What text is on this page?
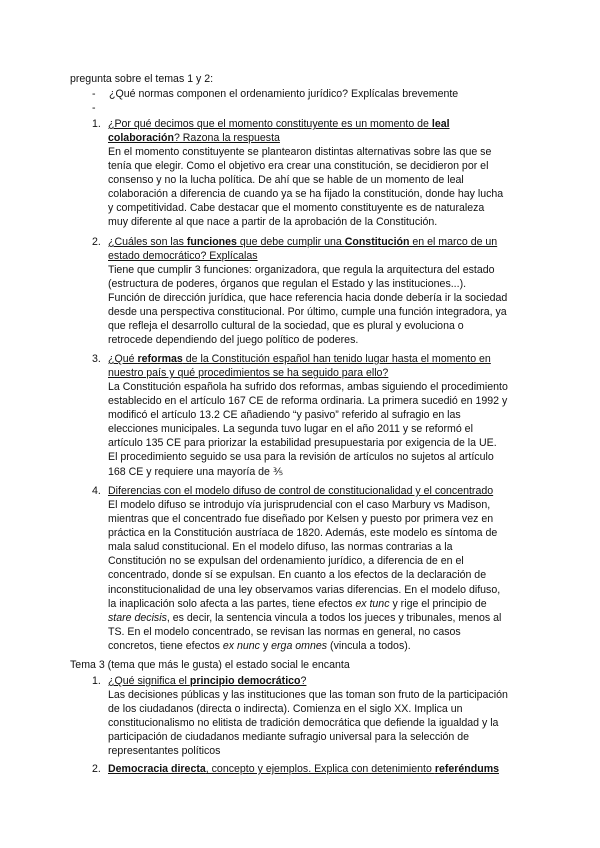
pregunta sobre el temas 1 y 2:
- ¿Qué normas componen el ordenamiento jurídico? Explícalas brevemente
-
1. ¿Por qué decimos que el momento constituyente es un momento de leal
colaboración? Razona la respuesta
En el momento constituyente se plantearon distintas alternativas sobre las que se
tenía que elegir. Como el objetivo era crear una constitución, se decidieron por el
consenso y no la lucha política. De ahí que se hable de un momento de leal
colaboración a diferencia de cuando ya se ha fijado la constitución, donde hay lucha
y competitividad. Cabe destacar que el momento constituyente es de naturaleza
muy diferente al que nace a partir de la aprobación de la Constitución.
2. ¿Cuáles son las funciones que debe cumplir una Constitución en el marco de un
estado democrático? Explícalas
Tiene que cumplir 3 funciones: organizadora, que regula la arquitectura del estado
(estructura de poderes, órganos que regulan el Estado y las instituciones...).
Función de dirección jurídica, que hace referencia hacia donde debería ir la sociedad
desde una perspectiva constitucional. Por último, cumple una función integradora, ya
que refleja el desarrollo cultural de la sociedad, que es plural y evoluciona o
retrocede dependiendo del juego político de poderes.
3. ¿Qué reformas de la Constitución español han tenido lugar hasta el momento en
nuestro país y qué procedimientos se ha seguido para ello?
La Constitución española ha sufrido dos reformas, ambas siguiendo el procedimiento
establecido en el artículo 167 CE de reforma ordinaria. La primera sucedió en 1992 y
modificó el artículo 13.2 CE añadiendo “y pasivo” referido al sufragio en las
elecciones municipales. La segunda tuvo lugar en el año 2011 y se reformó el
artículo 135 CE para priorizar la estabilidad presupuestaria por exigencia de la UE.
El procedimiento seguido se usa para la revisión de artículos no sujetos al artículo
168 CE y requiere una mayoría de ⅗
4. Diferencias con el modelo difuso de control de constitucionalidad y el concentrado
El modelo difuso se introdujo vía jurisprudencial con el caso Marbury vs Madison,
mientras que el concentrado fue diseñado por Kelsen y puesto por primera vez en
práctica en la Constitución austríaca de 1820. Además, este modelo es síntoma de
mala salud constitucional. En el modelo difuso, las normas contrarias a la
Constitución no se expulsan del ordenamiento jurídico, a diferencia de en el
concentrado, donde sí se expulsan. En cuanto a los efectos de la declaración de
inconstitucionalidad de una ley observamos varias diferencias. En el modelo difuso,
la inaplicación solo afecta a las partes, tiene efectos ex tunc y rige el principio de
stare decisis, es decir, la sentencia vincula a todos los jueces y tribunales, menos al
TS. En el modelo concentrado, se revisan las normas en general, no casos
concretos, tiene efectos ex nunc y erga omnes (vincula a todos).
Tema 3 (tema que más le gusta) el estado social le encanta
1. ¿Qué significa el principio democrático?
Las decisiones públicas y las instituciones que las toman son fruto de la participación
de los ciudadanos (directa o indirecta). Comienza en el siglo XX. Implica un
constitucionalismo no elitista de tradición democrática que defiende la igualdad y la
participación de ciudadanos mediante sufragio universal para la selección de
representantes políticos
2. Democracia directa, concepto y ejemplos. Explica con detenimiento referéndums
